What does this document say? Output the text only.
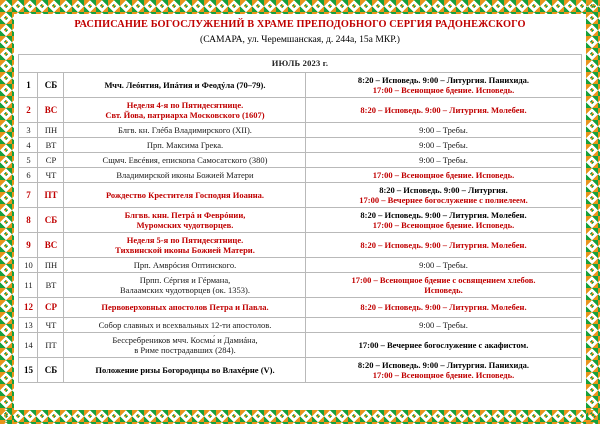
РАСПИСАНИЕ БОГОСЛУЖЕНИЙ В ХРАМЕ ПРЕПОДОБНОГО СЕРГИЯ РАДОНЕЖСКОГО
(САМАРА, ул. Черемшанская, д. 244а, 15а МКР.)
ИЮЛЬ 2023 г.			
1	СБ	Мчч. Леóнтия, Ипáтия и Феодýла (70–79).	8:20 – Исповедь. 9:00 – Литургия. Панихида.
17:00 – Всенощное бдение. Исповедь.

2	ВС	Неделя 4-я по Пятидесятнице.
Свт. Йова, патриарха Московского (1607)	8:20 – Исповедь. 9:00 – Литургия. Молебен.

3	ПН	Блгв. кн. Глéба Владимирского (XII).	9:00 – Требы.

4	ВТ	Прп. Максима Грека.	9:00 – Требы.

5	СР	Сщмч. Евсéвия, епископа Самосатского (380)	9:00 – Требы.

6	ЧТ	Владимирской иконы Божией Матери	17:00 – Всенощное бдение. Исповедь.

7	ПТ	Рождество Крестителя Господня Иоанна.	8:20 – Исповедь. 9:00 – Литургия.
17:00 – Вечернее богослужение с полиелеем.

8	СБ	Блгвв. кнн. Петрá и Феврóнии,
Муромских чудотворцев.	8:20 – Исповедь. 9:00 – Литургия. Молебен.
17:00 – Всенощное бдение. Исповедь.

9	ВС	Неделя 5-я по Пятидесятнице.
Тихвинской иконы Божией Матери.	8:20 – Исповедь. 9:00 – Литургия. Молебен.

10	ПН	Прп. Амврóсия Оптинского.	9:00 – Требы.

11	ВТ	Прпп. Сéргия и Гéрмана,
Валаамских чудотворцев (ок. 1353).	17:00 – Всенощное бдение с освящением хлебов.
Исповедь.

12	СР	Первоверховных апостолов Петра и Павла.	8:20 – Исповедь. 9:00 – Литургия. Молебен.

13	ЧТ	Собор славных и всехвальных 12-ти апостолов.	9:00 – Требы.

14	ПТ	Бессребреников мчч. Космы́ и Дамиáна,
в Риме пострадавших (284).	17:00 – Вечернее богослужение с акафистом.

15	СБ	Положение ризы Богородицы во Влахéрне (V).	8:20 – Исповедь. 9:00 – Литургия. Панихида.
17:00 – Всенощное бдение. Исповедь.
